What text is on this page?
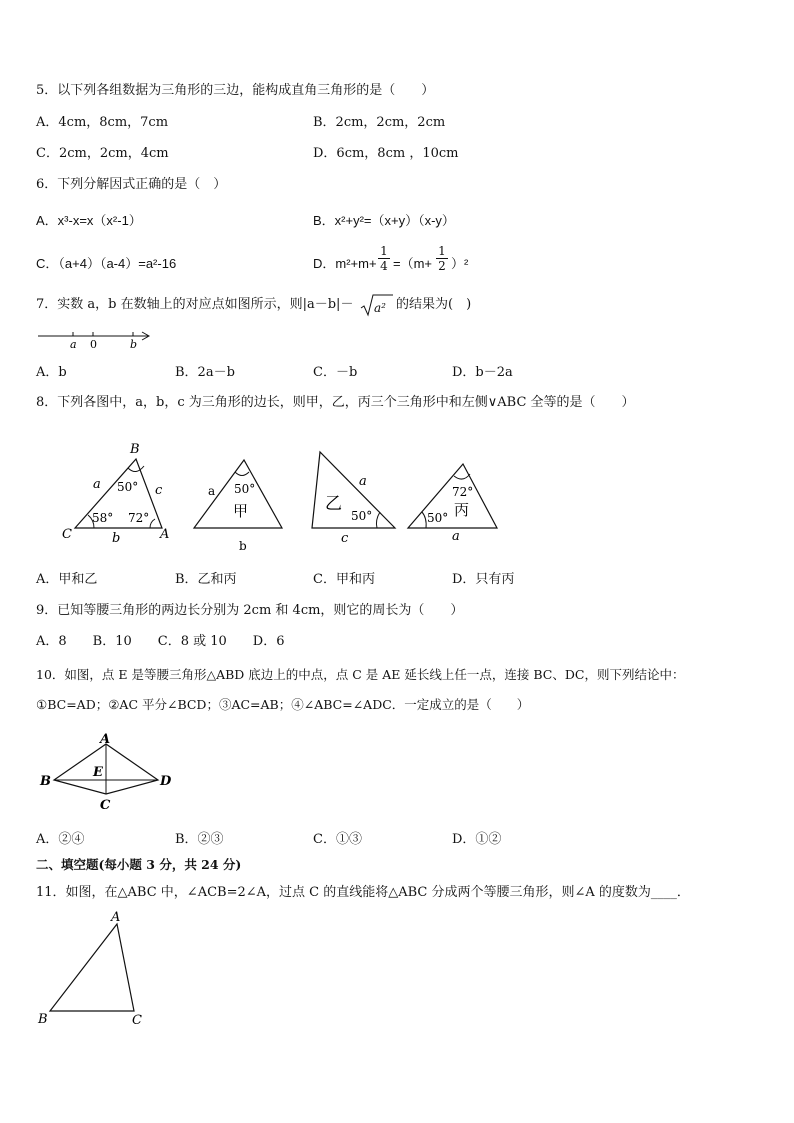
5．以下列各组数据为三角形的三边，能构成直角三角形的是（　　）
A．4cm，8cm，7cm	B．2cm，2cm，2cm
C．2cm，2cm，4cm	D．6cm，8cm ，10cm
6．下列分解因式正确的是（　）
A．x³-x=x（x²-1）	B．x²+y²=（x+y）（x-y）
C．（a+4）（a-4）=a²-16	D．$m^2+m+ \frac{1}{4} =(m+ \frac{1}{2} )^2$
7．实数 a，b 在数轴上的对应点如图所示，则|a－b|－ a² 的结果为(　)
a 0	b
A．b	B．2a－b	C．－b	D．b－2a
8．下列各图中，a，b，c 为三角形的边长，则甲，乙，丙三个三角形中和左侧∨ABC 全等的是（　　）
B
C	A
a	c
b
50°
58° 72°
50°
甲
a
b
50°
乙
a
c
72°
丙
50°
a
A．甲和乙	B．乙和丙	C．甲和丙	D．只有丙
9．已知等腰三角形的两边长分别为 2cm 和 4cm，则它的周长为（　　）
A．8　　B．10　　C．8 或 10　　D．6
10．如图，点 E 是等腰三角形△ABD 底边上的中点，点 C 是 AE 延长线上任一点，连接 BC、DC，则下列结论中：
①BC=AD；②AC 平分∠BCD；③AC=AB；④∠ABC=∠ADC．一定成立的是（　　）
A
B
E
D
C
A．②④	B．②③	C．①③	D．①②
二、填空题(每小题 3 分，共 24 分)
11．如图，在△ABC 中，∠ACB=2∠A，过点 C 的直线能将△ABC 分成两个等腰三角形，则∠A 的度数为____．
A
B	C
